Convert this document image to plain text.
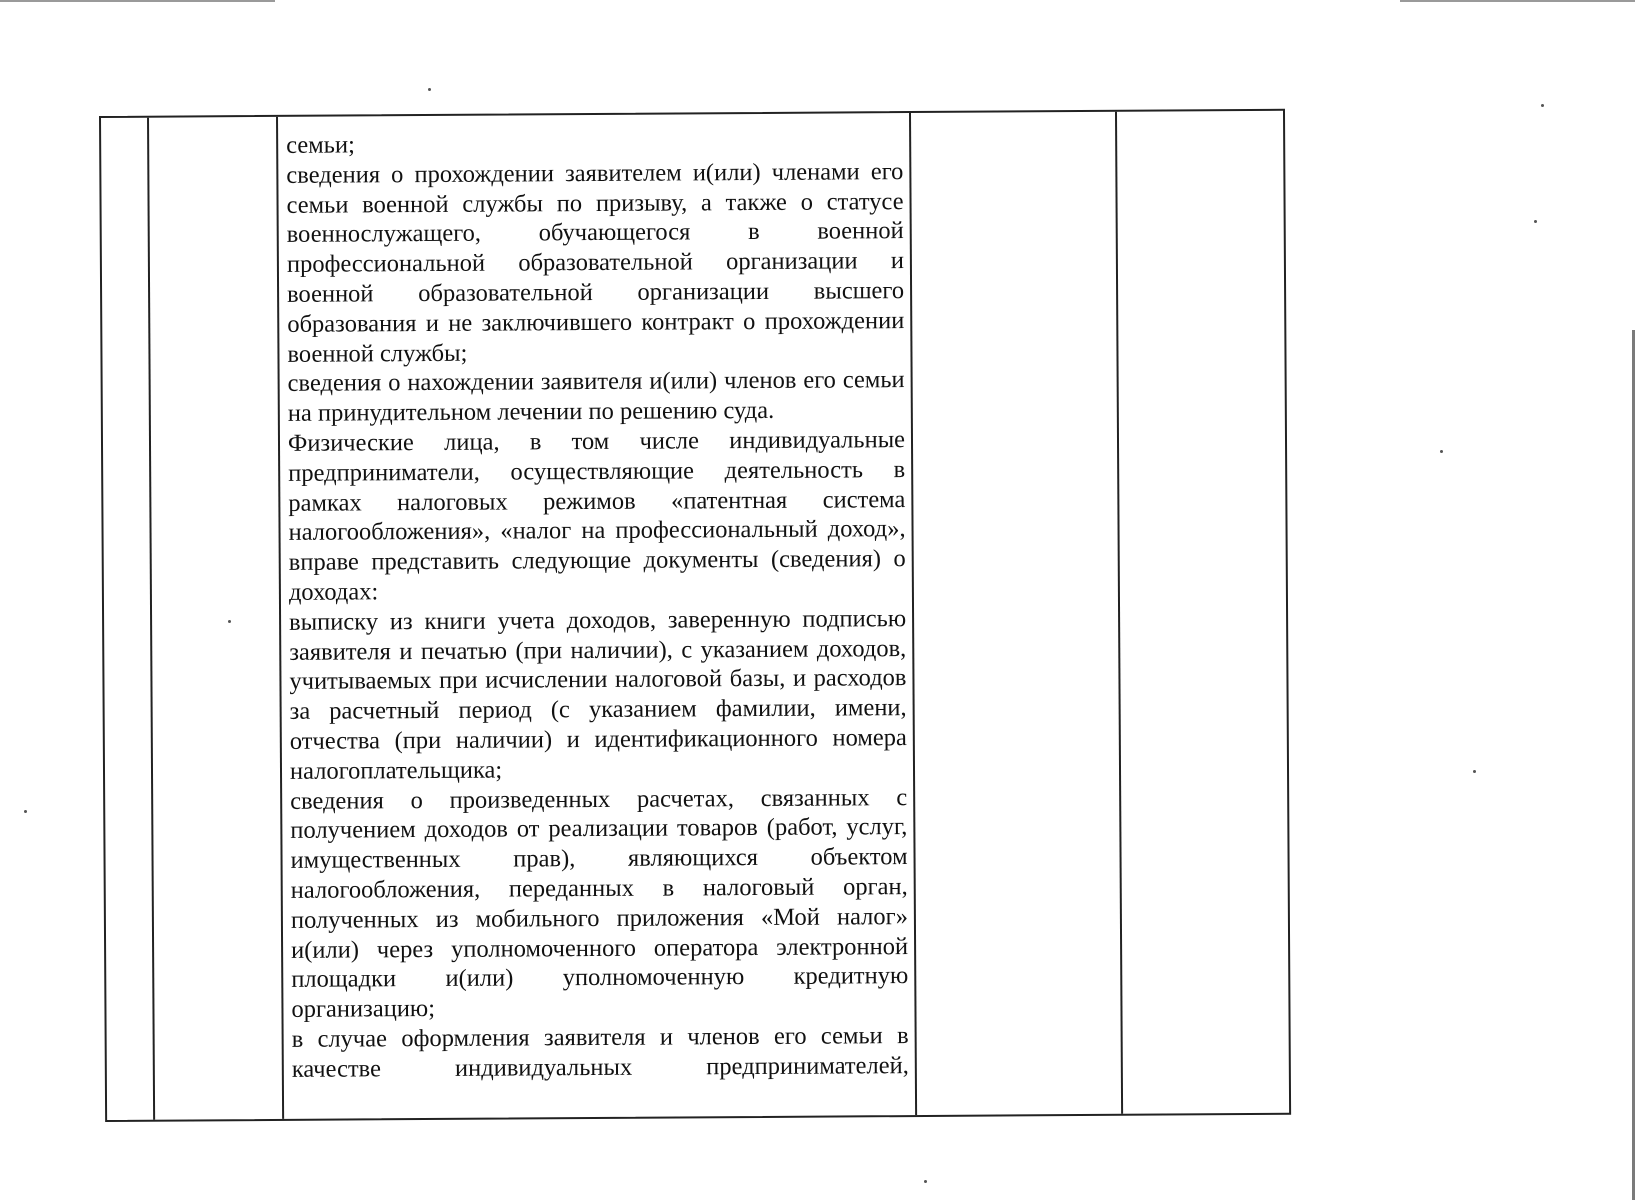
семьи;

сведения о прохождении заявителем и(или) членами его семьи военной службы по призыву, а также о статусе военнослужащего, обучающегося в военной профессиональной образовательной организации и военной образовательной организации высшего образования и не заключившего контракт о прохождении военной службы;

сведения о нахождении заявителя и(или) членов его семьи на принудительном лечении по решению суда.

Физические лица, в том числе индивидуальные предприниматели, осуществляющие деятельность в рамках налоговых режимов «патентная система налогообложения», «налог на профессиональный доход», вправе представить следующие документы (сведения) о доходах:

выписку из книги учета доходов, заверенную подписью заявителя и печатью (при наличии), с указанием доходов, учитываемых при исчислении налоговой базы, и расходов за расчетный период (с указанием фамилии, имени, отчества (при наличии) и идентификационного номера налогоплательщика;

сведения о произведенных расчетах, связанных с получением доходов от реализации товаров (работ, услуг, имущественных прав), являющихся объектом налогообложения, переданных в налоговый орган, полученных из мобильного приложения «Мой налог» и(или) через уполномоченного оператора электронной площадки и(или) уполномоченную кредитную организацию;

в случае оформления заявителя и членов его семьи в качестве индивидуальных предпринимателей,
